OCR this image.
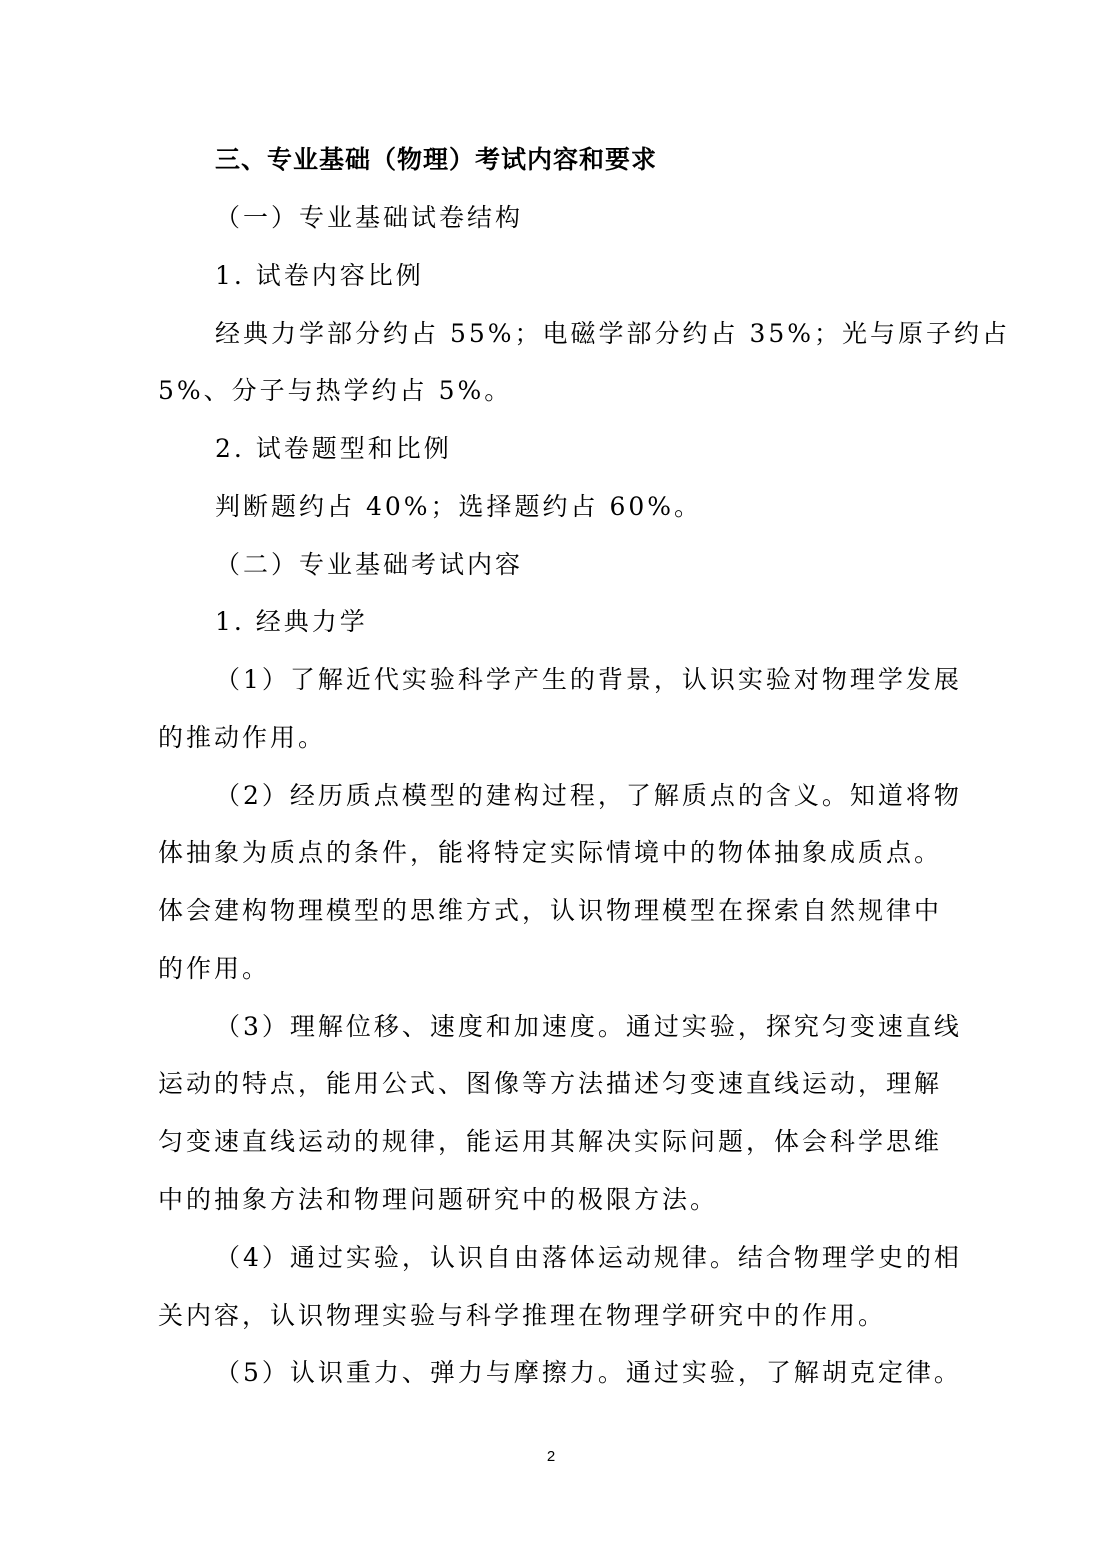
三、专业基础（物理）考试内容和要求
（一）专业基础试卷结构
1. 试卷内容比例
经典力学部分约占 55%；电磁学部分约占 35%；光与原子约占
5%、分子与热学约占 5%。
2. 试卷题型和比例
判断题约占 40%；选择题约占 60%。
（二）专业基础考试内容
1. 经典力学
（1）了解近代实验科学产生的背景，认识实验对物理学发展
的推动作用。
（2）经历质点模型的建构过程，了解质点的含义。知道将物
体抽象为质点的条件，能将特定实际情境中的物体抽象成质点。
体会建构物理模型的思维方式，认识物理模型在探索自然规律中
的作用。
（3）理解位移、速度和加速度。通过实验，探究匀变速直线
运动的特点，能用公式、图像等方法描述匀变速直线运动，理解
匀变速直线运动的规律，能运用其解决实际问题，体会科学思维
中的抽象方法和物理问题研究中的极限方法。
（4）通过实验，认识自由落体运动规律。结合物理学史的相
关内容，认识物理实验与科学推理在物理学研究中的作用。
（5）认识重力、弹力与摩擦力。通过实验，了解胡克定律。
2
